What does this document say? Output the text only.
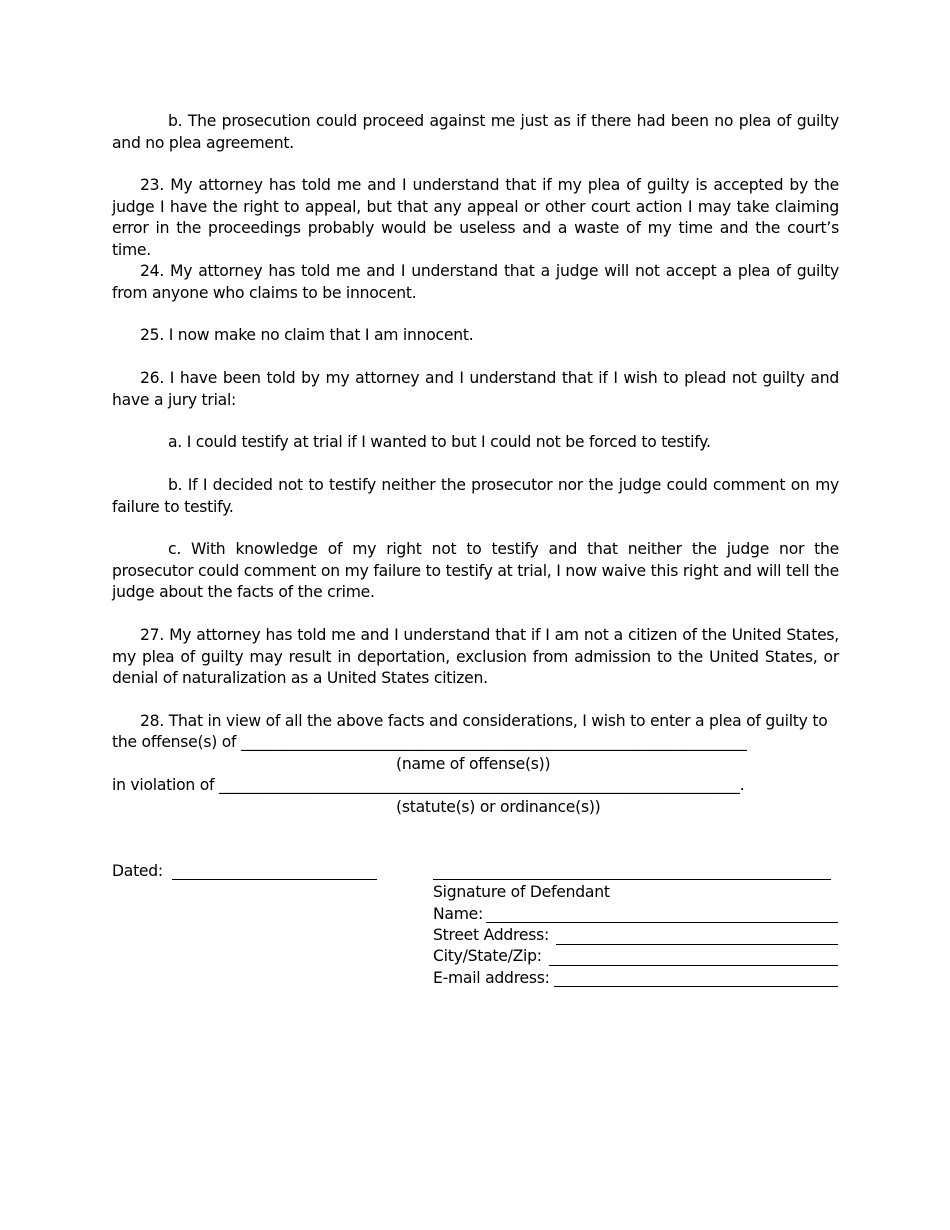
b. The prosecution could proceed against me just as if there had been no plea of guilty and no plea agreement.
23. My attorney has told me and I understand that if my plea of guilty is accepted by the judge I have the right to appeal, but that any appeal or other court action I may take claiming error in the proceedings probably would be useless and a waste of my time and the court’s time.
24. My attorney has told me and I understand that a judge will not accept a plea of guilty from anyone who claims to be innocent.
25. I now make no claim that I am innocent.
26. I have been told by my attorney and I understand that if I wish to plead not guilty and have a jury trial:
a. I could testify at trial if I wanted to but I could not be forced to testify.
b. If I decided not to testify neither the prosecutor nor the judge could comment on my failure to testify.
c. With knowledge of my right not to testify and that neither the judge nor the prosecutor could comment on my failure to testify at trial, I now waive this right and will tell the judge about the facts of the crime.
27. My attorney has told me and I understand that if I am not a citizen of the United States, my plea of guilty may result in deportation, exclusion from admission to the United States, or denial of naturalization as a United States citizen.
28. That in view of all the above facts and considerations, I wish to enter a plea of guilty to
the offense(s) of ___________________________________________________________________
(name of offense(s))
in violation of _____________________________________________________________________.
(statute(s) or ordinance(s))
Dated:
Signature of Defendant
Name:
Street Address:
City/State/Zip:
E-mail address:
